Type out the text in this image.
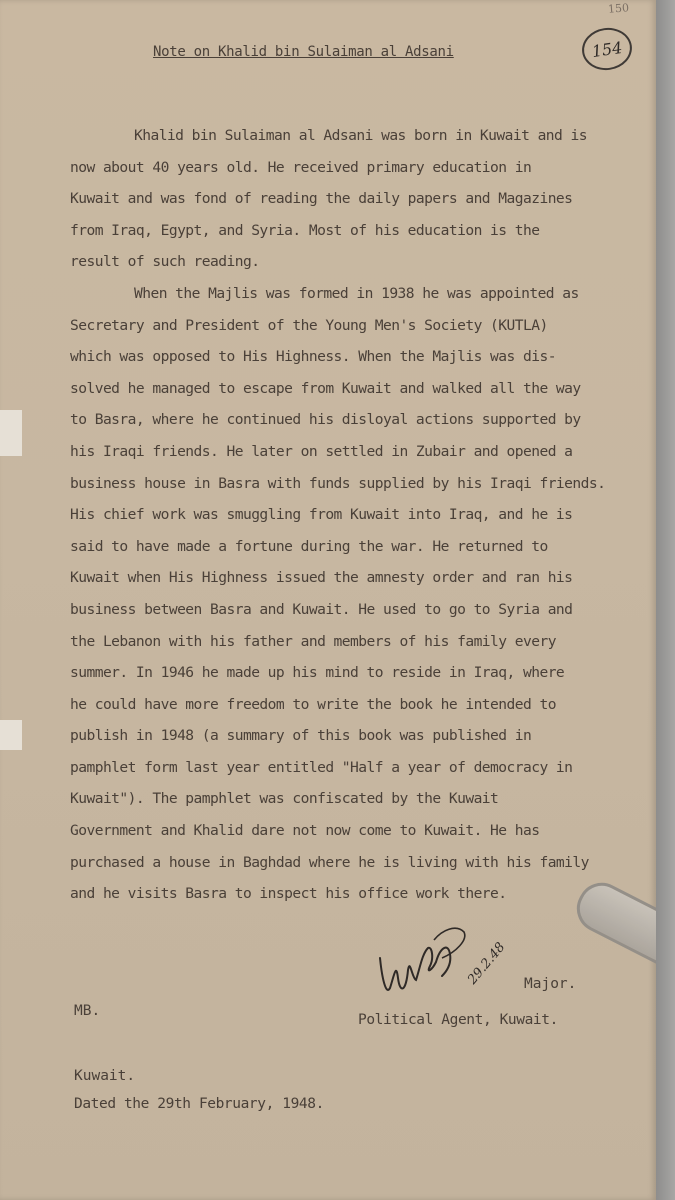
150
154
Note on Khalid bin Sulaiman al Adsani
Khalid bin Sulaiman al Adsani was born in Kuwait and is
now about 40 years old. He received primary education in
Kuwait and was fond of reading the daily papers and Magazines
from Iraq, Egypt, and Syria. Most of his education is the
result of such reading.
When the Majlis was formed in 1938 he was appointed as
Secretary and President of the Young Men's Society (KUTLA)
which was opposed to His Highness. When the Majlis was dis-
solved he managed to escape from Kuwait and walked all the way
to Basra, where he continued his disloyal actions supported by
his Iraqi friends. He later on settled in Zubair and opened a
business house in Basra with funds supplied by his Iraqi friends.
His chief work was smuggling from Kuwait into Iraq, and he is
said to have made a fortune during the war. He returned to
Kuwait when His Highness issued the amnesty order and ran his
business between Basra and Kuwait. He used to go to Syria and
the Lebanon with his father and members of his family every
summer. In 1946 he made up his mind to reside in Iraq, where
he could have more freedom to write the book he intended to
publish in 1948 (a summary of this book was published in
pamphlet form last year entitled "Half a year of democracy in
Kuwait"). The pamphlet was confiscated by the Kuwait
Government and Khalid dare not now come to Kuwait. He has
purchased a house in Baghdad where he is living with his family
and he visits Basra to inspect his office work there.
29.2.48 Major.
Political Agent, Kuwait.
MB.
Kuwait.
Dated the 29th February, 1948.
